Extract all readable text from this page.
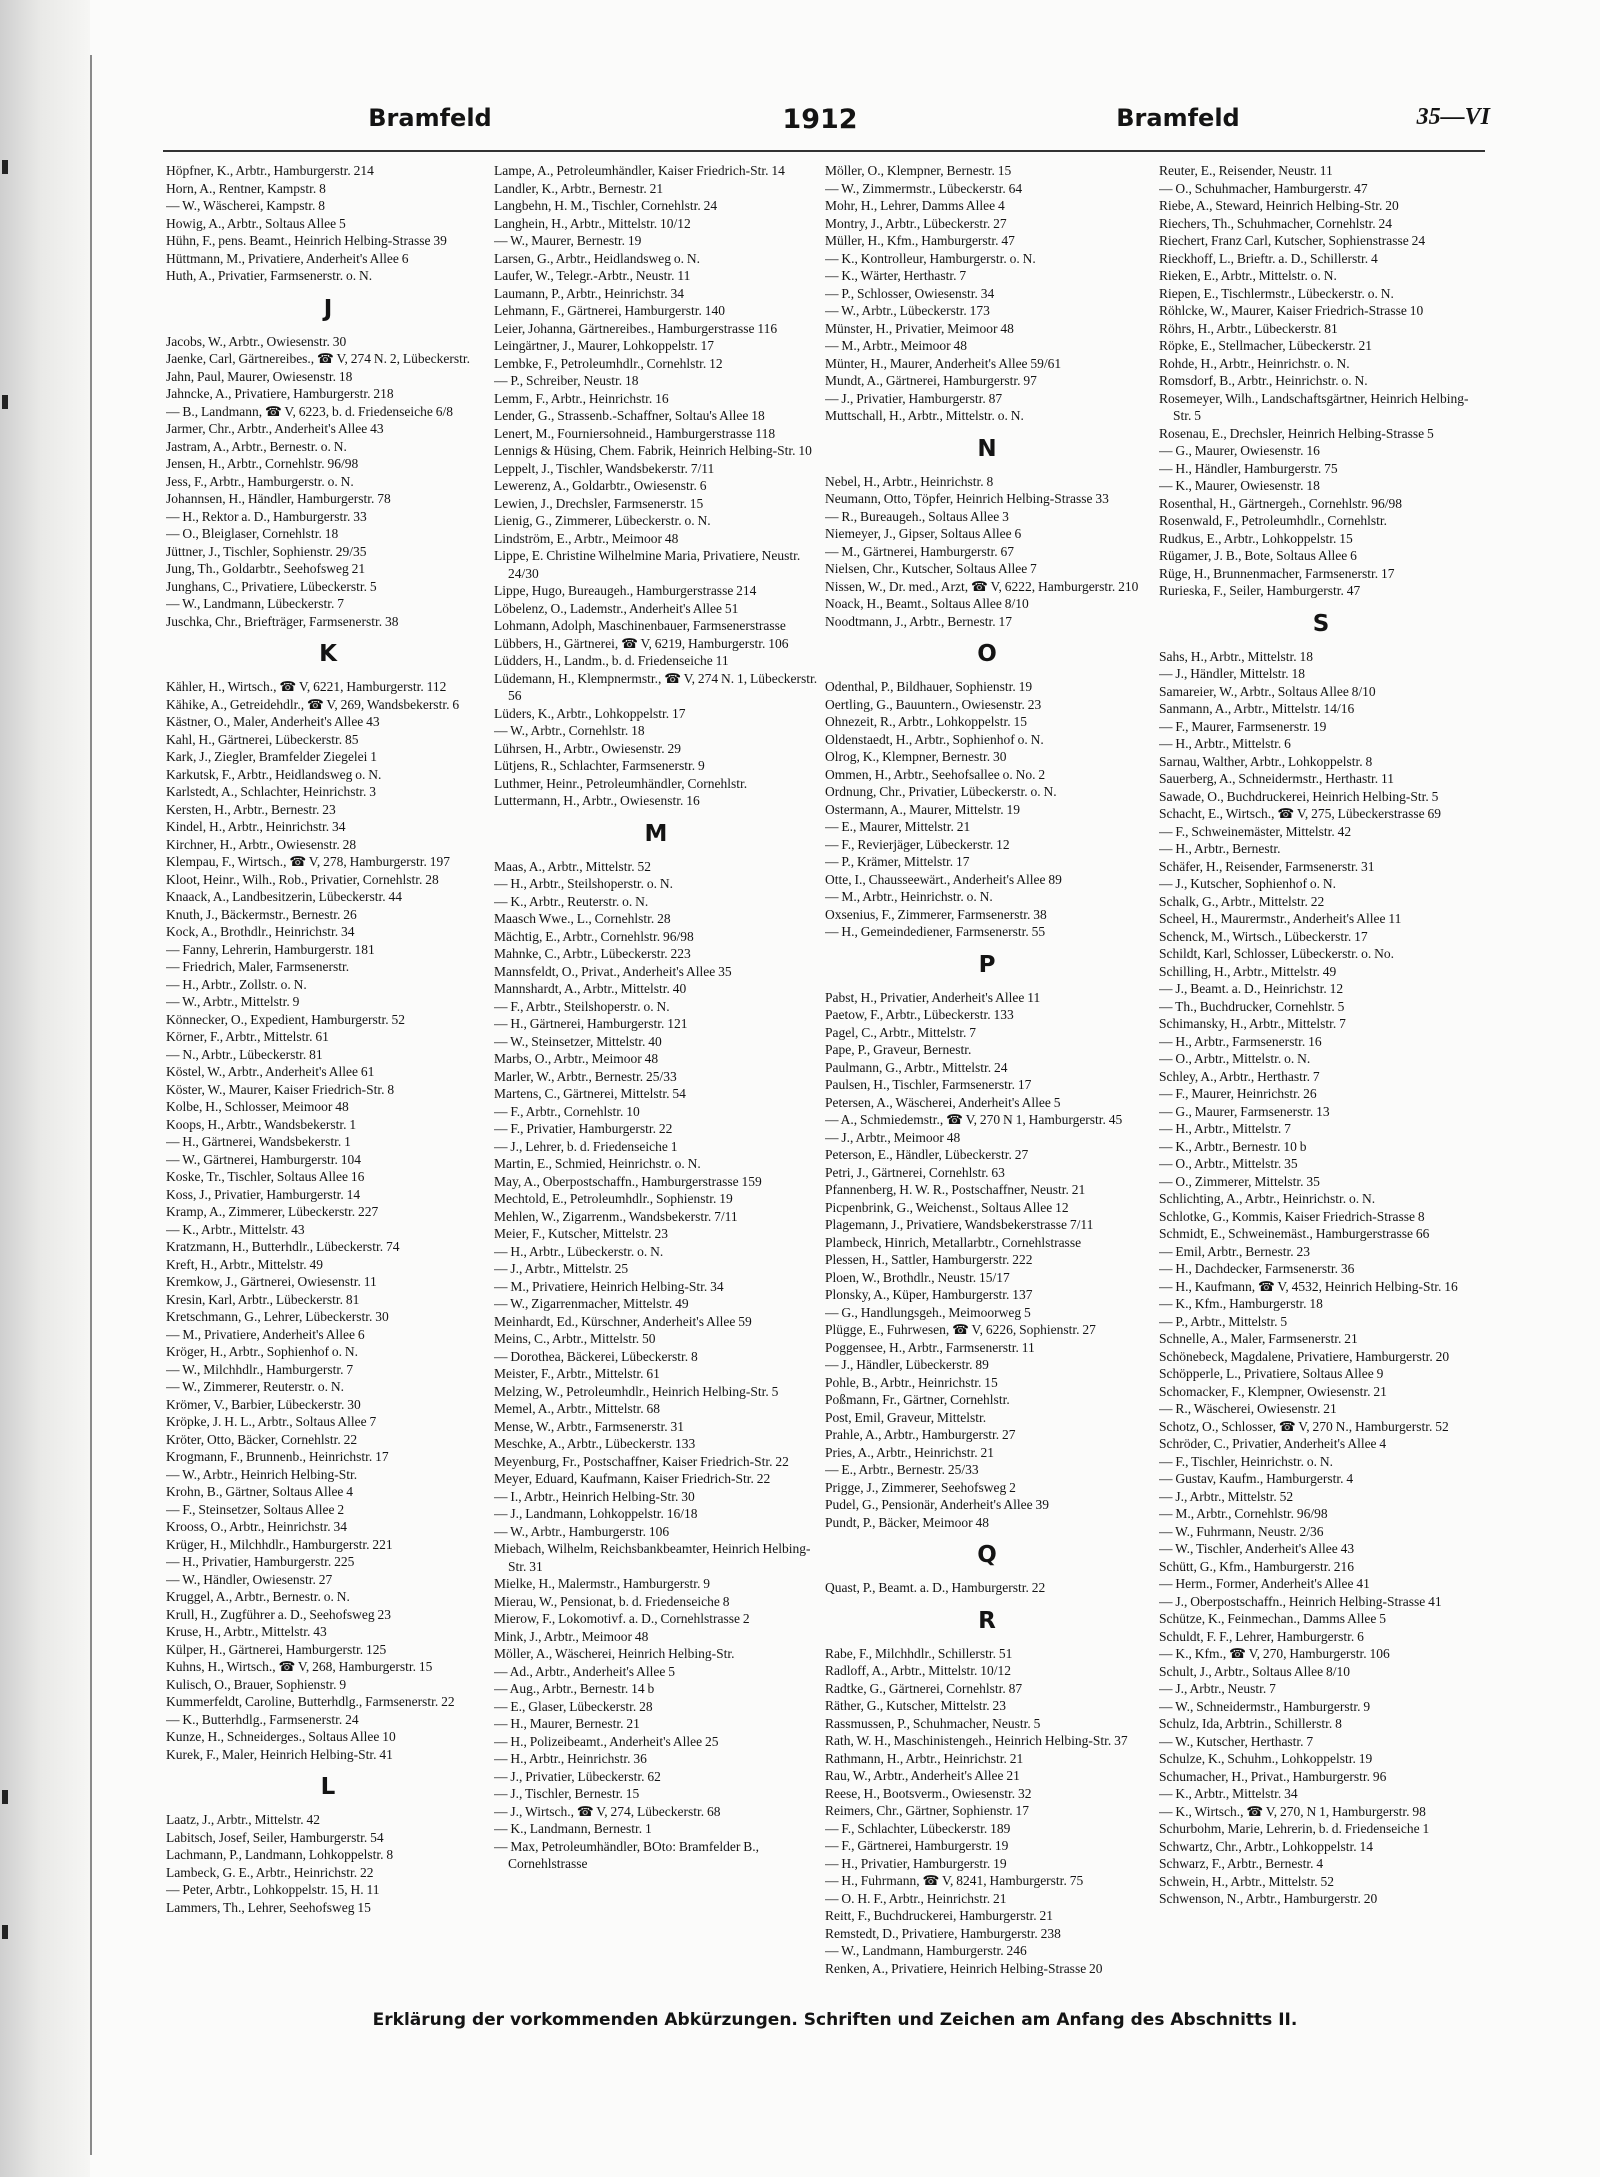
Bramfeld	1912	Bramfeld	35—VI
Höpfner, K., Arbtr., Hamburgerstr. 214
Horn, A., Rentner, Kampstr. 8
— W., Wäscherei, Kampstr. 8
Howig, A., Arbtr., Soltaus Allee 5
Hühn, F., pens. Beamt., Heinrich Helbing-Strasse 39
Hüttmann, M., Privatiere, Anderheit's Allee 6
Huth, A., Privatier, Farmsenerstr. o. N.
J
Jacobs, W., Arbtr., Owiesenstr. 30
Jaenke, Carl, Gärtnereibes., ☎ V, 274 N. 2, Lübeckerstr.
Jahn, Paul, Maurer, Owiesenstr. 18
Jahncke, A., Privatiere, Hamburgerstr. 218
— B., Landmann, ☎ V, 6223, b. d. Friedenseiche 6/8
Jarmer, Chr., Arbtr., Anderheit's Allee 43
Jastram, A., Arbtr., Bernestr. o. N.
Jensen, H., Arbtr., Cornehlstr. 96/98
Jess, F., Arbtr., Hamburgerstr. o. N.
Johannsen, H., Händler, Hamburgerstr. 78
— H., Rektor a. D., Hamburgerstr. 33
— O., Bleiglaser, Cornehlstr. 18
Jüttner, J., Tischler, Sophienstr. 29/35
Jung, Th., Goldarbtr., Seehofsweg 21
Junghans, C., Privatiere, Lübeckerstr. 5
— W., Landmann, Lübeckerstr. 7
Juschka, Chr., Briefträger, Farmsenerstr. 38
K
Kähler, H., Wirtsch., ☎ V, 6221, Hamburgerstr. 112
Kähike, A., Getreidehdlr., ☎ V, 269, Wandsbekerstr. 6
Kästner, O., Maler, Anderheit's Allee 43
Kahl, H., Gärtnerei, Lübeckerstr. 85
Kark, J., Ziegler, Bramfelder Ziegelei 1
Karkutsk, F., Arbtr., Heidlandsweg o. N.
Karlstedt, A., Schlachter, Heinrichstr. 3
Kersten, H., Arbtr., Bernestr. 23
Kindel, H., Arbtr., Heinrichstr. 34
Kirchner, H., Arbtr., Owiesenstr. 28
Klempau, F., Wirtsch., ☎ V, 278, Hamburgerstr. 197
Kloot, Heinr., Wilh., Rob., Privatier, Cornehlstr. 28
Knaack, A., Landbesitzerin, Lübeckerstr. 44
Knuth, J., Bäckermstr., Bernestr. 26
Kock, A., Brothdlr., Heinrichstr. 34
— Fanny, Lehrerin, Hamburgerstr. 181
— Friedrich, Maler, Farmsenerstr.
— H., Arbtr., Zollstr. o. N.
— W., Arbtr., Mittelstr. 9
Könnecker, O., Expedient, Hamburgerstr. 52
Körner, F., Arbtr., Mittelstr. 61
— N., Arbtr., Lübeckerstr. 81
Köstel, W., Arbtr., Anderheit's Allee 61
Köster, W., Maurer, Kaiser Friedrich-Str. 8
Kolbe, H., Schlosser, Meimoor 48
Koops, H., Arbtr., Wandsbekerstr. 1
— H., Gärtnerei, Wandsbekerstr. 1
— W., Gärtnerei, Hamburgerstr. 104
Koske, Tr., Tischler, Soltaus Allee 16
Koss, J., Privatier, Hamburgerstr. 14
Kramp, A., Zimmerer, Lübeckerstr. 227
— K., Arbtr., Mittelstr. 43
Kratzmann, H., Butterhdlr., Lübeckerstr. 74
Kreft, H., Arbtr., Mittelstr. 49
Kremkow, J., Gärtnerei, Owiesenstr. 11
Kresin, Karl, Arbtr., Lübeckerstr. 81
Kretschmann, G., Lehrer, Lübeckerstr. 30
— M., Privatiere, Anderheit's Allee 6
Kröger, H., Arbtr., Sophienhof o. N.
— W., Milchhdlr., Hamburgerstr. 7
— W., Zimmerer, Reuterstr. o. N.
Krömer, V., Barbier, Lübeckerstr. 30
Kröpke, J. H. L., Arbtr., Soltaus Allee 7
Kröter, Otto, Bäcker, Cornehlstr. 22
Krogmann, F., Brunnenb., Heinrichstr. 17
— W., Arbtr., Heinrich Helbing-Str.
Krohn, B., Gärtner, Soltaus Allee 4
— F., Steinsetzer, Soltaus Allee 2
Krooss, O., Arbtr., Heinrichstr. 34
Krüger, H., Milchhdlr., Hamburgerstr. 221
— H., Privatier, Hamburgerstr. 225
— W., Händler, Owiesenstr. 27
Kruggel, A., Arbtr., Bernestr. o. N.
Krull, H., Zugführer a. D., Seehofsweg 23
Kruse, H., Arbtr., Mittelstr. 43
Külper, H., Gärtnerei, Hamburgerstr. 125
Kuhns, H., Wirtsch., ☎ V, 268, Hamburgerstr. 15
Kulisch, O., Brauer, Sophienstr. 9
Kummerfeldt, Caroline, Butterhdlg., Farmsenerstr. 22
— K., Butterhdlg., Farmsenerstr. 24
Kunze, H., Schneiderges., Soltaus Allee 10
Kurek, F., Maler, Heinrich Helbing-Str. 41
L
Laatz, J., Arbtr., Mittelstr. 42
Labitsch, Josef, Seiler, Hamburgerstr. 54
Lachmann, P., Landmann, Lohkoppelstr. 8
Lambeck, G. E., Arbtr., Heinrichstr. 22
— Peter, Arbtr., Lohkoppelstr. 15, H. 11
Lammers, Th., Lehrer, Seehofsweg 15
Lampe, A., Petroleumhändler, Kaiser Friedrich-Str. 14
Landler, K., Arbtr., Bernestr. 21
Langbehn, H. M., Tischler, Cornehlstr. 24
Langhein, H., Arbtr., Mittelstr. 10/12
— W., Maurer, Bernestr. 19
Larsen, G., Arbtr., Heidlandsweg o. N.
Laufer, W., Telegr.-Arbtr., Neustr. 11
Laumann, P., Arbtr., Heinrichstr. 34
Lehmann, F., Gärtnerei, Hamburgerstr. 140
Leier, Johanna, Gärtnereibes., Hamburgerstrasse 116
Leingärtner, J., Maurer, Lohkoppelstr. 17
Lembke, F., Petroleumhdlr., Cornehlstr. 12
— P., Schreiber, Neustr. 18
Lemm, F., Arbtr., Heinrichstr. 16
Lender, G., Strassenb.-Schaffner, Soltau's Allee 18
Lenert, M., Fourniersohneid., Hamburgerstrasse 118
Lennigs & Hüsing, Chem. Fabrik, Heinrich Helbing-Str. 10
Leppelt, J., Tischler, Wandsbekerstr. 7/11
Lewerenz, A., Goldarbtr., Owiesenstr. 6
Lewien, J., Drechsler, Farmsenerstr. 15
Lienig, G., Zimmerer, Lübeckerstr. o. N.
Lindström, E., Arbtr., Meimoor 48
Lippe, E. Christine Wilhelmine Maria, Privatiere, Neustr. 24/30
Lippe, Hugo, Bureaugeh., Hamburgerstrasse 214
Löbelenz, O., Lademstr., Anderheit's Allee 51
Lohmann, Adolph, Maschinenbauer, Farmsenerstrasse
Lübbers, H., Gärtnerei, ☎ V, 6219, Hamburgerstr. 106
Lüdders, H., Landm., b. d. Friedenseiche 11
Lüdemann, H., Klempnermstr., ☎ V, 274 N. 1, Lübeckerstr. 56
Lüders, K., Arbtr., Lohkoppelstr. 17
— W., Arbtr., Cornehlstr. 18
Lührsen, H., Arbtr., Owiesenstr. 29
Lütjens, R., Schlachter, Farmsenerstr. 9
Luthmer, Heinr., Petroleumhändler, Cornehlstr.
Luttermann, H., Arbtr., Owiesenstr. 16
M
Maas, A., Arbtr., Mittelstr. 52
— H., Arbtr., Steilshoperstr. o. N.
— K., Arbtr., Reuterstr. o. N.
Maasch Wwe., L., Cornehlstr. 28
Mächtig, E., Arbtr., Cornehlstr. 96/98
Mahnke, C., Arbtr., Lübeckerstr. 223
Mannsfeldt, O., Privat., Anderheit's Allee 35
Mannshardt, A., Arbtr., Mittelstr. 40
— F., Arbtr., Steilshoperstr. o. N.
— H., Gärtnerei, Hamburgerstr. 121
— W., Steinsetzer, Mittelstr. 40
Marbs, O., Arbtr., Meimoor 48
Marler, W., Arbtr., Bernestr. 25/33
Martens, C., Gärtnerei, Mittelstr. 54
— F., Arbtr., Cornehlstr. 10
— F., Privatier, Hamburgerstr. 22
— J., Lehrer, b. d. Friedenseiche 1
Martin, E., Schmied, Heinrichstr. o. N.
May, A., Oberpostschaffn., Hamburgerstrasse 159
Mechtold, E., Petroleumhdlr., Sophienstr. 19
Mehlen, W., Zigarrenm., Wandsbekerstr. 7/11
Meier, F., Kutscher, Mittelstr. 23
— H., Arbtr., Lübeckerstr. o. N.
— J., Arbtr., Mittelstr. 25
— M., Privatiere, Heinrich Helbing-Str. 34
— W., Zigarrenmacher, Mittelstr. 49
Meinhardt, Ed., Kürschner, Anderheit's Allee 59
Meins, C., Arbtr., Mittelstr. 50
— Dorothea, Bäckerei, Lübeckerstr. 8
Meister, F., Arbtr., Mittelstr. 61
Melzing, W., Petroleumhdlr., Heinrich Helbing-Str. 5
Memel, A., Arbtr., Mittelstr. 68
Mense, W., Arbtr., Farmsenerstr. 31
Meschke, A., Arbtr., Lübeckerstr. 133
Meyenburg, Fr., Postschaffner, Kaiser Friedrich-Str. 22
Meyer, Eduard, Kaufmann, Kaiser Friedrich-Str. 22
— I., Arbtr., Heinrich Helbing-Str. 30
— J., Landmann, Lohkoppelstr. 16/18
— W., Arbtr., Hamburgerstr. 106
Miebach, Wilhelm, Reichsbankbeamter, Heinrich Helbing-Str. 31
Mielke, H., Malermstr., Hamburgerstr. 9
Mierau, W., Pensionat, b. d. Friedenseiche 8
Mierow, F., Lokomotivf. a. D., Cornehlstrasse 2
Mink, J., Arbtr., Meimoor 48
Möller, A., Wäscherei, Heinrich Helbing-Str.
— Ad., Arbtr., Anderheit's Allee 5
— Aug., Arbtr., Bernestr. 14 b
— E., Glaser, Lübeckerstr. 28
— H., Maurer, Bernestr. 21
— H., Polizeibeamt., Anderheit's Allee 25
— H., Arbtr., Heinrichstr. 36
— J., Privatier, Lübeckerstr. 62
— J., Tischler, Bernestr. 15
— J., Wirtsch., ☎ V, 274, Lübeckerstr. 68
— K., Landmann, Bernestr. 1
— Max, Petroleumhändler, BOto: Bramfelder B., Cornehlstrasse
Möller, O., Klempner, Bernestr. 15
— W., Zimmermstr., Lübeckerstr. 64
Mohr, H., Lehrer, Damms Allee 4
Montry, J., Arbtr., Lübeckerstr. 27
Müller, H., Kfm., Hamburgerstr. 47
— K., Kontrolleur, Hamburgerstr. o. N.
— K., Wärter, Herthastr. 7
— P., Schlosser, Owiesenstr. 34
— W., Arbtr., Lübeckerstr. 173
Münster, H., Privatier, Meimoor 48
— M., Arbtr., Meimoor 48
Münter, H., Maurer, Anderheit's Allee 59/61
Mundt, A., Gärtnerei, Hamburgerstr. 97
— J., Privatier, Hamburgerstr. 87
Muttschall, H., Arbtr., Mittelstr. o. N.
N
Nebel, H., Arbtr., Heinrichstr. 8
Neumann, Otto, Töpfer, Heinrich Helbing-Strasse 33
— R., Bureaugeh., Soltaus Allee 3
Niemeyer, J., Gipser, Soltaus Allee 6
— M., Gärtnerei, Hamburgerstr. 67
Nielsen, Chr., Kutscher, Soltaus Allee 7
Nissen, W., Dr. med., Arzt, ☎ V, 6222, Hamburgerstr. 210
Noack, H., Beamt., Soltaus Allee 8/10
Noodtmann, J., Arbtr., Bernestr. 17
O
Odenthal, P., Bildhauer, Sophienstr. 19
Oertling, G., Bauuntern., Owiesenstr. 23
Ohnezeit, R., Arbtr., Lohkoppelstr. 15
Oldenstaedt, H., Arbtr., Sophienhof o. N.
Olrog, K., Klempner, Bernestr. 30
Ommen, H., Arbtr., Seehofsallee o. No. 2
Ordnung, Chr., Privatier, Lübeckerstr. o. N.
Ostermann, A., Maurer, Mittelstr. 19
— E., Maurer, Mittelstr. 21
— F., Revierjäger, Lübeckerstr. 12
— P., Krämer, Mittelstr. 17
Otte, I., Chausseewärt., Anderheit's Allee 89
— M., Arbtr., Heinrichstr. o. N.
Oxsenius, F., Zimmerer, Farmsenerstr. 38
— H., Gemeindediener, Farmsenerstr. 55
P
Pabst, H., Privatier, Anderheit's Allee 11
Paetow, F., Arbtr., Lübeckerstr. 133
Pagel, C., Arbtr., Mittelstr. 7
Pape, P., Graveur, Bernestr.
Paulmann, G., Arbtr., Mittelstr. 24
Paulsen, H., Tischler, Farmsenerstr. 17
Petersen, A., Wäscherei, Anderheit's Allee 5
— A., Schmiedemstr., ☎ V, 270 N 1, Hamburgerstr. 45
— J., Arbtr., Meimoor 48
Peterson, E., Händler, Lübeckerstr. 27
Petri, J., Gärtnerei, Cornehlstr. 63
Pfannenberg, H. W. R., Postschaffner, Neustr. 21
Picpenbrink, G., Weichenst., Soltaus Allee 12
Plagemann, J., Privatiere, Wandsbekerstrasse 7/11
Plambeck, Hinrich, Metallarbtr., Cornehlstrasse
Plessen, H., Sattler, Hamburgerstr. 222
Ploen, W., Brothdlr., Neustr. 15/17
Plonsky, A., Küper, Hamburgerstr. 137
— G., Handlungsgeh., Meimoorweg 5
Plügge, E., Fuhrwesen, ☎ V, 6226, Sophienstr. 27
Poggensee, H., Arbtr., Farmsenerstr. 11
— J., Händler, Lübeckerstr. 89
Pohle, B., Arbtr., Heinrichstr. 15
Poßmann, Fr., Gärtner, Cornehlstr.
Post, Emil, Graveur, Mittelstr.
Prahle, A., Arbtr., Hamburgerstr. 27
Pries, A., Arbtr., Heinrichstr. 21
— E., Arbtr., Bernestr. 25/33
Prigge, J., Zimmerer, Seehofsweg 2
Pudel, G., Pensionär, Anderheit's Allee 39
Pundt, P., Bäcker, Meimoor 48
Q
Quast, P., Beamt. a. D., Hamburgerstr. 22
R
Rabe, F., Milchhdlr., Schillerstr. 51
Radloff, A., Arbtr., Mittelstr. 10/12
Radtke, G., Gärtnerei, Cornehlstr. 87
Räther, G., Kutscher, Mittelstr. 23
Rassmussen, P., Schuhmacher, Neustr. 5
Rath, W. H., Maschinistengeh., Heinrich Helbing-Str. 37
Rathmann, H., Arbtr., Heinrichstr. 21
Rau, W., Arbtr., Anderheit's Allee 21
Reese, H., Bootsverm., Owiesenstr. 32
Reimers, Chr., Gärtner, Sophienstr. 17
— F., Schlachter, Lübeckerstr. 189
— F., Gärtnerei, Hamburgerstr. 19
— H., Privatier, Hamburgerstr. 19
— H., Fuhrmann, ☎ V, 8241, Hamburgerstr. 75
— O. H. F., Arbtr., Heinrichstr. 21
Reitt, F., Buchdruckerei, Hamburgerstr. 21
Remstedt, D., Privatiere, Hamburgerstr. 238
— W., Landmann, Hamburgerstr. 246
Renken, A., Privatiere, Heinrich Helbing-Strasse 20
Reuter, E., Reisender, Neustr. 11
— O., Schuhmacher, Hamburgerstr. 47
Riebe, A., Steward, Heinrich Helbing-Str. 20
Riechers, Th., Schuhmacher, Cornehlstr. 24
Riechert, Franz Carl, Kutscher, Sophienstrasse 24
Rieckhoff, L., Brieftr. a. D., Schillerstr. 4
Rieken, E., Arbtr., Mittelstr. o. N.
Riepen, E., Tischlermstr., Lübeckerstr. o. N.
Röhlcke, W., Maurer, Kaiser Friedrich-Strasse 10
Röhrs, H., Arbtr., Lübeckerstr. 81
Röpke, E., Stellmacher, Lübeckerstr. 21
Rohde, H., Arbtr., Heinrichstr. o. N.
Romsdorf, B., Arbtr., Heinrichstr. o. N.
Rosemeyer, Wilh., Landschaftsgärtner, Heinrich Helbing-Str. 5
Rosenau, E., Drechsler, Heinrich Helbing-Strasse 5
— G., Maurer, Owiesenstr. 16
— H., Händler, Hamburgerstr. 75
— K., Maurer, Owiesenstr. 18
Rosenthal, H., Gärtnergeh., Cornehlstr. 96/98
Rosenwald, F., Petroleumhdlr., Cornehlstr.
Rudkus, E., Arbtr., Lohkoppelstr. 15
Rügamer, J. B., Bote, Soltaus Allee 6
Rüge, H., Brunnenmacher, Farmsenerstr. 17
Rurieska, F., Seiler, Hamburgerstr. 47
S
Sahs, H., Arbtr., Mittelstr. 18
— J., Händler, Mittelstr. 18
Samareier, W., Arbtr., Soltaus Allee 8/10
Sanmann, A., Arbtr., Mittelstr. 14/16
— F., Maurer, Farmsenerstr. 19
— H., Arbtr., Mittelstr. 6
Sarnau, Walther, Arbtr., Lohkoppelstr. 8
Sauerberg, A., Schneidermstr., Herthastr. 11
Sawade, O., Buchdruckerei, Heinrich Helbing-Str. 5
Schacht, E., Wirtsch., ☎ V, 275, Lübeckerstrasse 69
— F., Schweinemäster, Mittelstr. 42
— H., Arbtr., Bernestr.
Schäfer, H., Reisender, Farmsenerstr. 31
— J., Kutscher, Sophienhof o. N.
Schalk, G., Arbtr., Mittelstr. 22
Scheel, H., Maurermstr., Anderheit's Allee 11
Schenck, M., Wirtsch., Lübeckerstr. 17
Schildt, Karl, Schlosser, Lübeckerstr. o. No.
Schilling, H., Arbtr., Mittelstr. 49
— J., Beamt. a. D., Heinrichstr. 12
— Th., Buchdrucker, Cornehlstr. 5
Schimansky, H., Arbtr., Mittelstr. 7
— H., Arbtr., Farmsenerstr. 16
— O., Arbtr., Mittelstr. o. N.
Schley, A., Arbtr., Herthastr. 7
— F., Maurer, Heinrichstr. 26
— G., Maurer, Farmsenerstr. 13
— H., Arbtr., Mittelstr. 7
— K., Arbtr., Bernestr. 10 b
— O., Arbtr., Mittelstr. 35
— O., Zimmerer, Mittelstr. 35
Schlichting, A., Arbtr., Heinrichstr. o. N.
Schlotke, G., Kommis, Kaiser Friedrich-Strasse 8
Schmidt, E., Schweinemäst., Hamburgerstrasse 66
— Emil, Arbtr., Bernestr. 23
— H., Dachdecker, Farmsenerstr. 36
— H., Kaufmann, ☎ V, 4532, Heinrich Helbing-Str. 16
— K., Kfm., Hamburgerstr. 18
— P., Arbtr., Mittelstr. 5
Schnelle, A., Maler, Farmsenerstr. 21
Schönebeck, Magdalene, Privatiere, Hamburgerstr. 20
Schöpperle, L., Privatiere, Soltaus Allee 9
Schomacker, F., Klempner, Owiesenstr. 21
— R., Wäscherei, Owiesenstr. 21
Schotz, O., Schlosser, ☎ V, 270 N., Hamburgerstr. 52
Schröder, C., Privatier, Anderheit's Allee 4
— F., Tischler, Heinrichstr. o. N.
— Gustav, Kaufm., Hamburgerstr. 4
— J., Arbtr., Mittelstr. 52
— M., Arbtr., Cornehlstr. 96/98
— W., Fuhrmann, Neustr. 2/36
— W., Tischler, Anderheit's Allee 43
Schütt, G., Kfm., Hamburgerstr. 216
— Herm., Former, Anderheit's Allee 41
— J., Oberpostschaffn., Heinrich Helbing-Strasse 41
Schütze, K., Feinmechan., Damms Allee 5
Schuldt, F. F., Lehrer, Hamburgerstr. 6
— K., Kfm., ☎ V, 270, Hamburgerstr. 106
Schult, J., Arbtr., Soltaus Allee 8/10
— J., Arbtr., Neustr. 7
— W., Schneidermstr., Hamburgerstr. 9
Schulz, Ida, Arbtrin., Schillerstr. 8
— W., Kutscher, Herthastr. 7
Schulze, K., Schuhm., Lohkoppelstr. 19
Schumacher, H., Privat., Hamburgerstr. 96
— K., Arbtr., Mittelstr. 34
— K., Wirtsch., ☎ V, 270, N 1, Hamburgerstr. 98
Schurbohm, Marie, Lehrerin, b. d. Friedenseiche 1
Schwartz, Chr., Arbtr., Lohkoppelstr. 14
Schwarz, F., Arbtr., Bernestr. 4
Schwein, H., Arbtr., Mittelstr. 52
Schwenson, N., Arbtr., Hamburgerstr. 20
Erklärung der vorkommenden Abkürzungen. Schriften und Zeichen am Anfang des Abschnitts II.
